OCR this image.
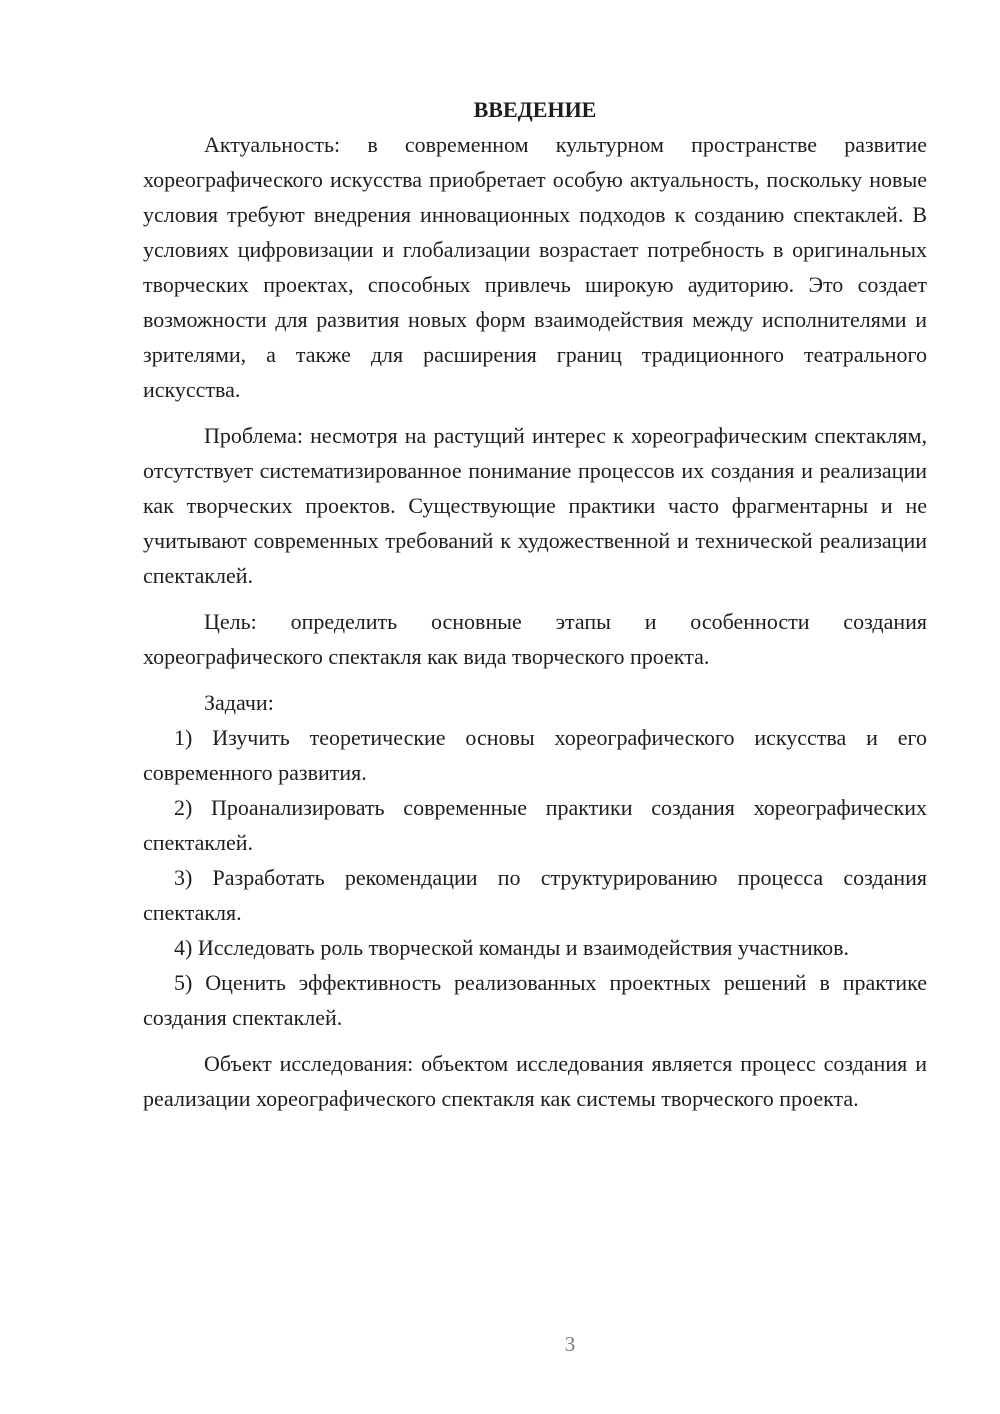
ВВЕДЕНИЕ

Актуальность: в современном культурном пространстве развитие хореографического искусства приобретает особую актуальность, поскольку новые условия требуют внедрения инновационных подходов к созданию спектаклей. В условиях цифровизации и глобализации возрастает потребность в оригинальных творческих проектах, способных привлечь широкую аудиторию. Это создает возможности для развития новых форм взаимодействия между исполнителями и зрителями, а также для расширения границ традиционного театрального искусства.

Проблема: несмотря на растущий интерес к хореографическим спектаклям, отсутствует систематизированное понимание процессов их создания и реализации как творческих проектов. Существующие практики часто фрагментарны и не учитывают современных требований к художественной и технической реализации спектаклей.

Цель: определить основные этапы и особенности создания хореографического спектакля как вида творческого проекта.

Задачи:

1) Изучить теоретические основы хореографического искусства и его современного развития.

2) Проанализировать современные практики создания хореографических спектаклей.

3) Разработать рекомендации по структурированию процесса создания спектакля.

4) Исследовать роль творческой команды и взаимодействия участников.

5) Оценить эффективность реализованных проектных решений в практике создания спектаклей.

Объект исследования: объектом исследования является процесс создания и реализации хореографического спектакля как системы творческого проекта.

3
